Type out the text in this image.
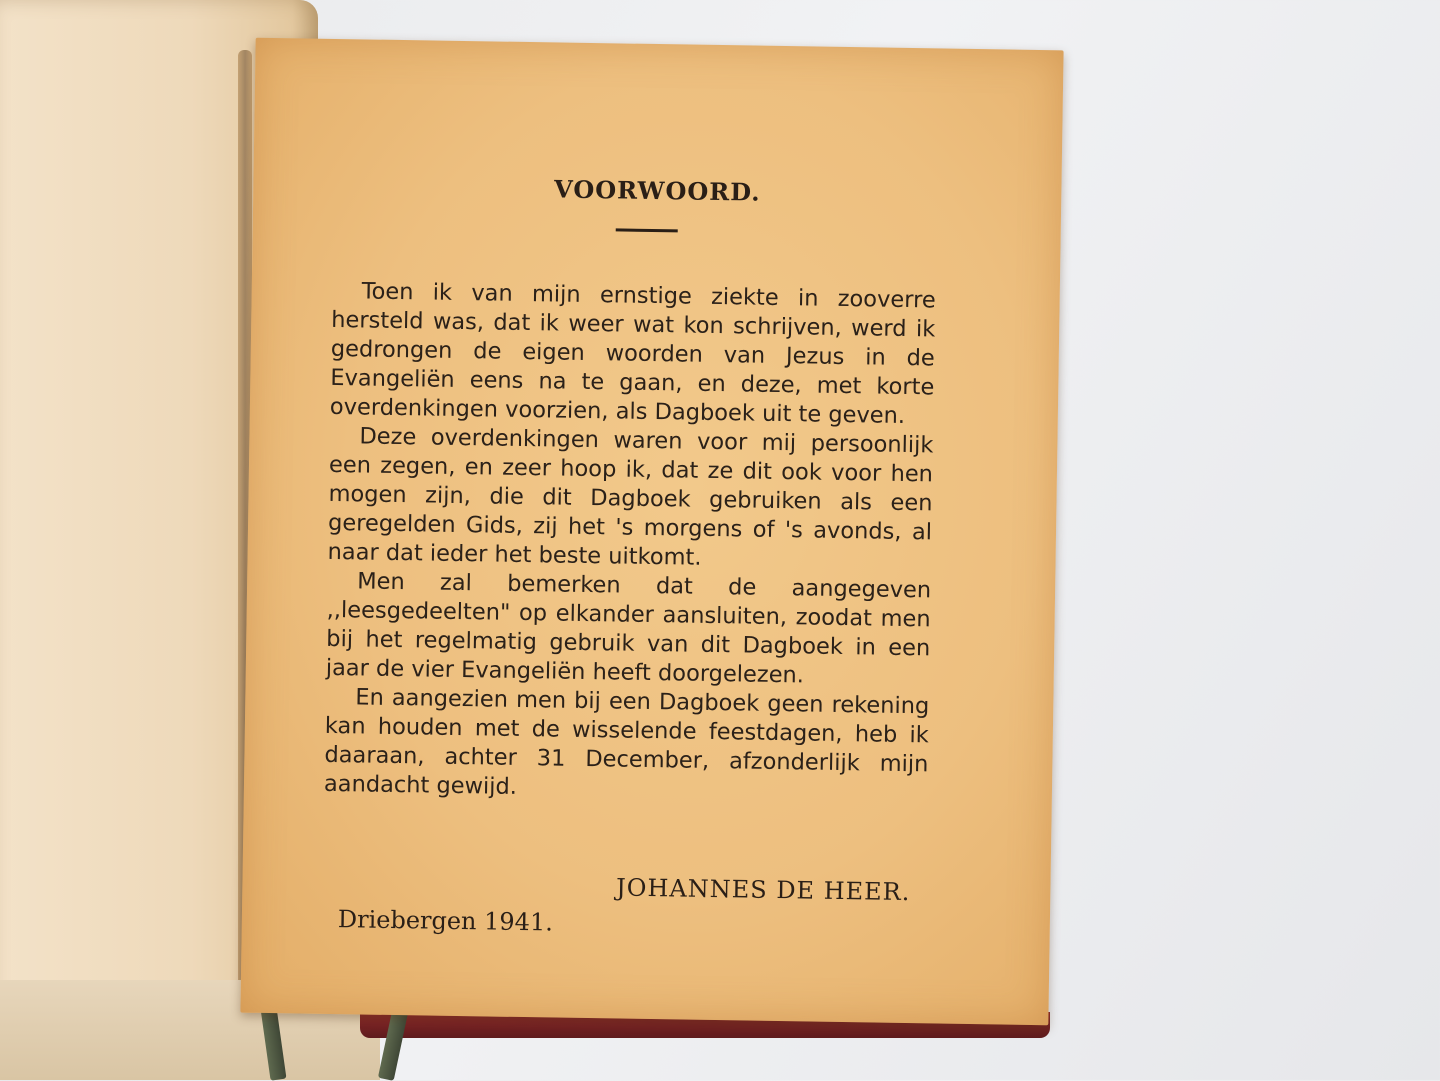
VOORWOORD.

Toen ik van mijn ernstige ziekte in zooverre hersteld was, dat ik weer wat kon schrijven, werd ik gedrongen de eigen woorden van Jezus in de Evangeliën eens na te gaan, en deze, met korte overdenkingen voorzien, als Dagboek uit te geven.

Deze overdenkingen waren voor mij persoonlijk een zegen, en zeer hoop ik, dat ze dit ook voor hen mogen zijn, die dit Dagboek gebruiken als een geregelden Gids, zij het 's morgens of 's avonds, al naar dat ieder het beste uitkomt.

Men zal bemerken dat de aangegeven ,,leesgedeelten" op elkander aansluiten, zoodat men bij het regelmatig gebruik van dit Dagboek in een jaar de vier Evangeliën heeft doorgelezen.

En aangezien men bij een Dagboek geen rekening kan houden met de wisselende feestdagen, heb ik daaraan, achter 31 December, afzonderlijk mijn aandacht gewijd.

JOHANNES DE HEER.
Driebergen 1941.
